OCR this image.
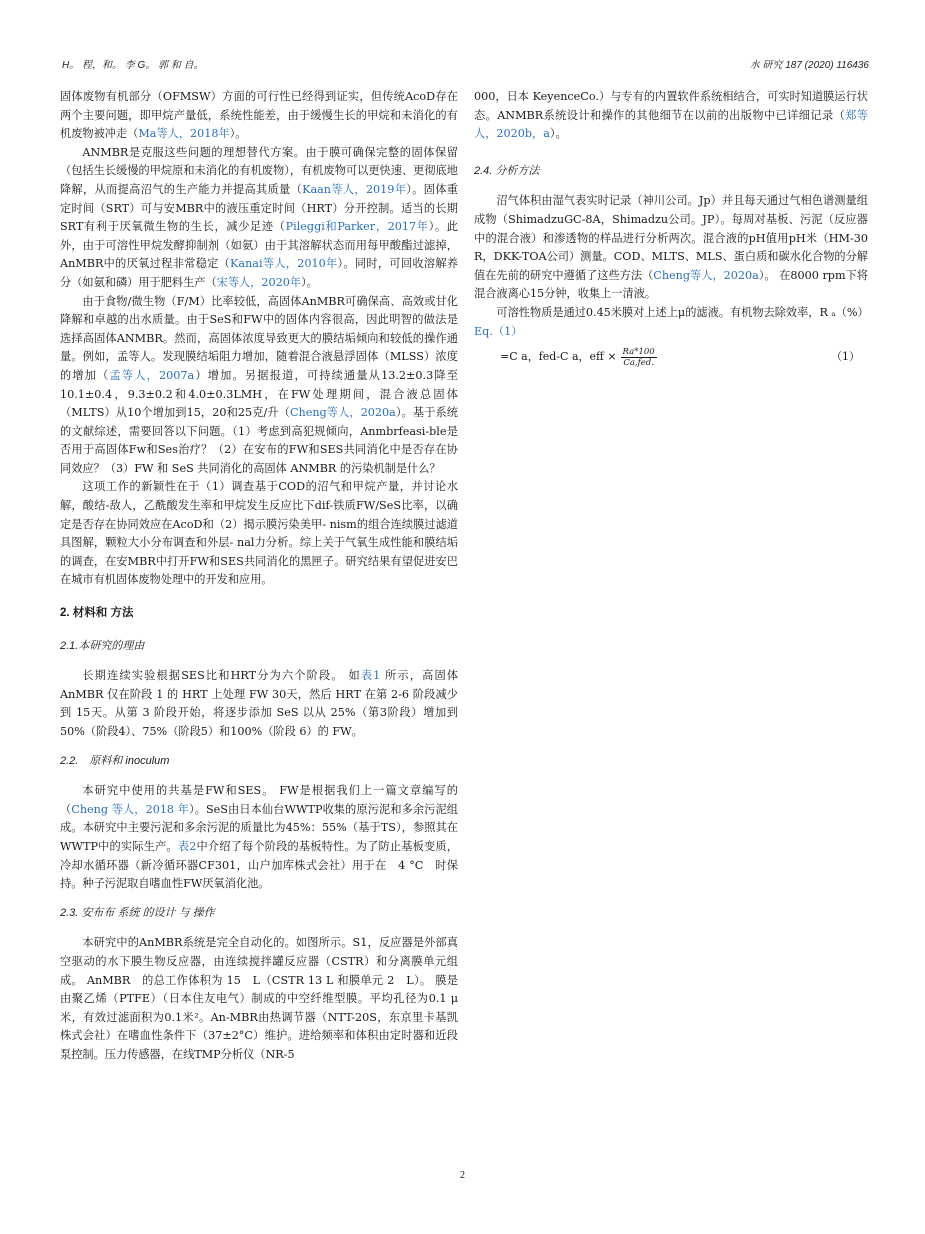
H。 程，和。 李 G。 郭 和 自。	水 研究 187 (2020) 116436

固体废物有机部分（OFMSW）方面的可行性已经得到证实，但传统AcoD存在两个主要问题，即甲烷产量低，系统性能差，由于缓慢生长的甲烷和未消化的有机废物被冲走（Ma等人，2018年）。

ANMBR是克服这些问题的理想替代方案。由于膜可确保完整的固体保留（包括生长缓慢的甲烷原和未消化的有机废物），有机废物可以更快速、更彻底地降解，从而提高沼气的生产能力并提高其质量（Kaan等人，2019年）。固体重定时间（SRT）可与安MBR中的液压重定时间（HRT）分开控制。适当的长期SRT有利于厌氧微生物的生长，减少足迹（Pileggi和Parker，2017年）。此外，由于可溶性甲烷发酵抑制剂（如氨）由于其溶解状态而用每甲酸酯过滤掉，AnMBR中的厌氧过程非常稳定（Kanai等人，2010年）。同时，可回收溶解养分（如氨和磷）用于肥料生产（宋等人，2020年）。

由于食物/微生物（F/M）比率较低，高固体AnMBR可确保高、高效或甘化降解和卓越的出水质量。由于SeS和FW中的固体内容很高，因此明智的做法是选择高固体ANMBR。然而，高固体浓度导致更大的膜结垢倾向和较低的操作通量。例如，孟等人。发现膜结垢阻力增加，随着混合液悬浮固体（MLSS）浓度的增加（孟等人，2007a）增加。另据报道，可持续通量从13.2±0.3降至10.1±0.4，9.3±0.2和4.0±0.3LMH，在FW处理期间，混合液总固体（MLTS）从10个增加到15，20和25克/升（Cheng等人，2020a）。基于系统的文献综述，需要回答以下问题。（1）考虑到高犯规倾向，Anmbrfeasi-ble是否用于高固体Fw和Ses治疗？（2）在安布的FW和SES共同消化中是否存在协同效应？（3）FW 和 SeS 共同消化的高固体 ANMBR 的污染机制是什么？

这项工作的新颖性在于（1）调查基于COD的沼气和甲烷产量，并讨论水解，酸结-敌人，乙酰酸发生率和甲烷发生反应比下dif-铁质FW/SeS比率，以确定是否存在协同效应在AcoD和（2）揭示膜污染美甲- nism的组合连续膜过滤道具图解，颗粒大小分布调查和外层- nal力分析。综上关于气氧生成性能和膜结垢的调查，在安MBR中打开FW和SES共同消化的黑匣子。研究结果有望促进安巴在城市有机固体废物处理中的开发和应用。

2. 材料和 方法
2.1.本研究的理由

长期连续实验根据SES比和HRT分为六个阶段。 如表1 所示，高固体AnMBR 仅在阶段 1 的 HRT 上处理 FW 30天，然后 HRT 在第 2-6 阶段减少到 15天。从第 3 阶段开始，将逐步添加 SeS 以从 25%（第3阶段）增加到50%（阶段4）、75%（阶段5）和100%（阶段 6）的 FW。

2.2.　原料和 inoculum

本研究中使用的共基是FW和SES。 FW是根据我们上一篇文章编写的（Cheng 等人，2018 年）。SeS由日本仙台WWTP收集的原污泥和多余污泥组成。本研究中主要污泥和多余污泥的质量比为45%：55%（基于TS），参照其在WWTP中的实际生产。表2中介绍了每个阶段的基板特性。为了防止基板变质，冷却水循环器（新冷循环器CF301，山户加库株式会社）用于在　4 °C　时保持。种子污泥取自嗜血性FW厌氧消化池。

2.3. 安布布 系统 的设计 与 操作

本研究中的AnMBR系统是完全自动化的。如图所示。S1，反应器是外部真空驱动的水下膜生物反应器，由连续搅拌罐反应器（CSTR）和分离膜单元组成。 AnMBR　的总工作体积为 15　L（CSTR 13 L 和膜单元 2　L）。 膜是由聚乙烯（PTFE）（日本住友电气）制成的中空纤维型膜。平均孔径为0.1 μ米，有效过滤面积为0.1米²。An-MBR由热调节器（NTT-20S，东京里卡基凯株式会社）在嗜血性条件下（37±2°C）维护。进给频率和体积由定时器和近段泵控制。压力传感器，在线TMP分析仪（NR-5

000，日本 KeyenceCo.）与专有的内置软件系统相结合，可实时知道膜运行状态。ANMBR系统设计和操作的其他细节在以前的出版物中已详细记录（郑等人，2020b，a）。

2.4. 分析方法

沼气体积由湿气表实时记录（神川公司。Jp）并且每天通过气相色谱测量组成物（ShimadzuGC-8A，Shimadzu公司。JP）。每周对基板、污泥（反应器中的混合液）和渗透物的样品进行分析两次。混合液的pH值用pH米（HM-30　R，DKK-TOA公司）测量。COD、MLTS、MLS、蛋白质和碳水化合物的分解值在先前的研究中遵循了这些方法（Cheng等人，2020a）。 在8000 rpm下将混合液离心15分钟，收集上一清液。

可溶性物质是通过0.45米膜对上述上μ的滤液。有机物去除效率，R ₐ（%）Eq.（1）

=C a，fed-C a，eff × $\frac{Ra*100}{\text{Ca,fed.}}$	（1）
2
